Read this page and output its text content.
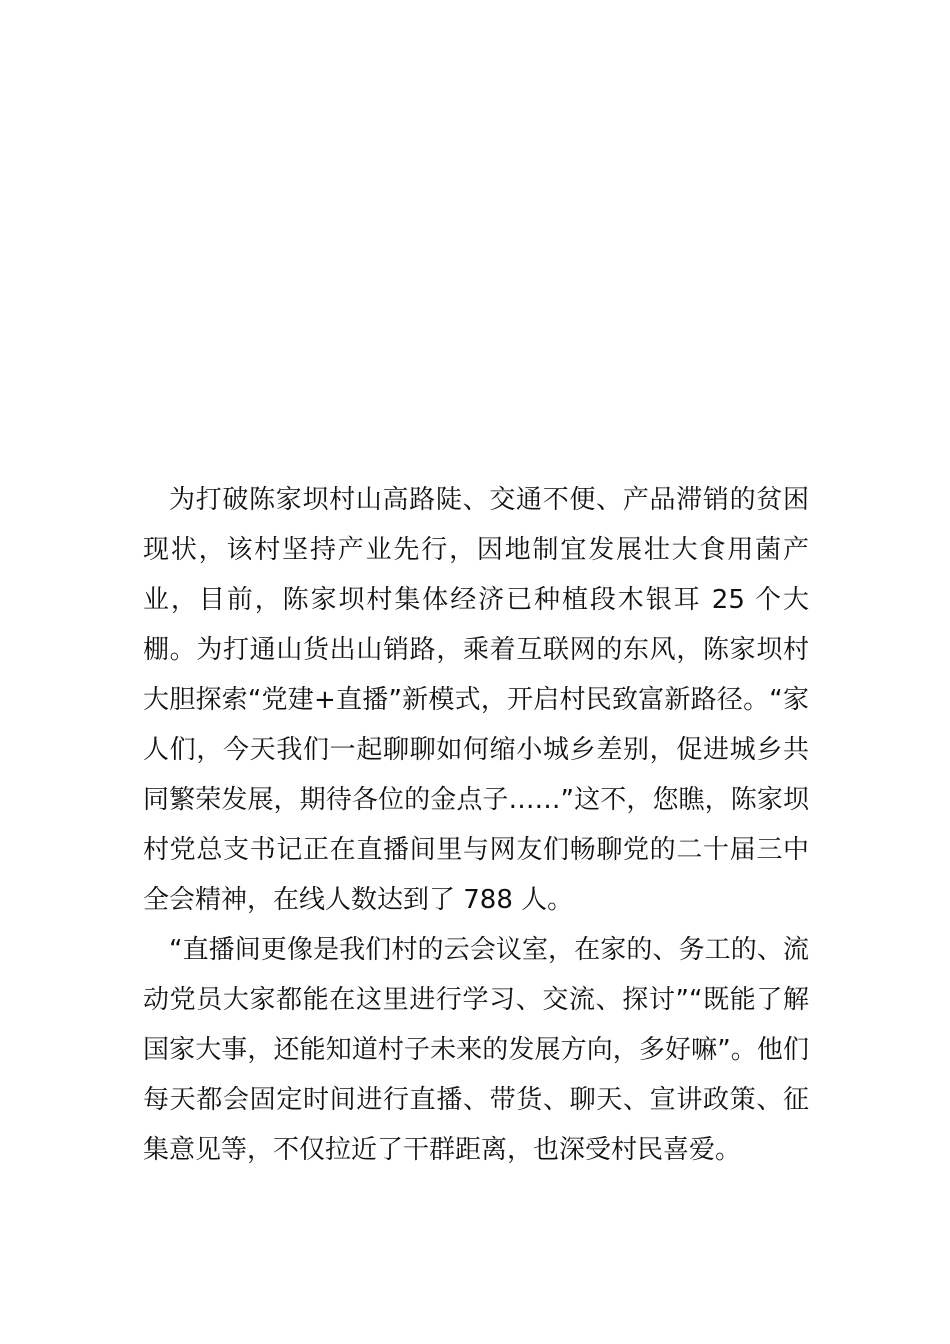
为打破陈家坝村山高路陡、交通不便、产品滞销的贫困现状，该村坚持产业先行，因地制宜发展壮大食用菌产业，目前，陈家坝村集体经济已种植段木银耳 25 个大棚。为打通山货出山销路，乘着互联网的东风，陈家坝村大胆探索“党建+直播”新模式，开启村民致富新路径。“家人们，今天我们一起聊聊如何缩小城乡差别，促进城乡共同繁荣发展，期待各位的金点子……”这不，您瞧，陈家坝村党总支书记正在直播间里与网友们畅聊党的二十届三中全会精神，在线人数达到了 788 人。

“直播间更像是我们村的云会议室，在家的、务工的、流动党员大家都能在这里进行学习、交流、探讨”“既能了解国家大事，还能知道村子未来的发展方向，多好嘛”。他们每天都会固定时间进行直播、带货、聊天、宣讲政策、征集意见等，不仅拉近了干群距离，也深受村民喜爱。
